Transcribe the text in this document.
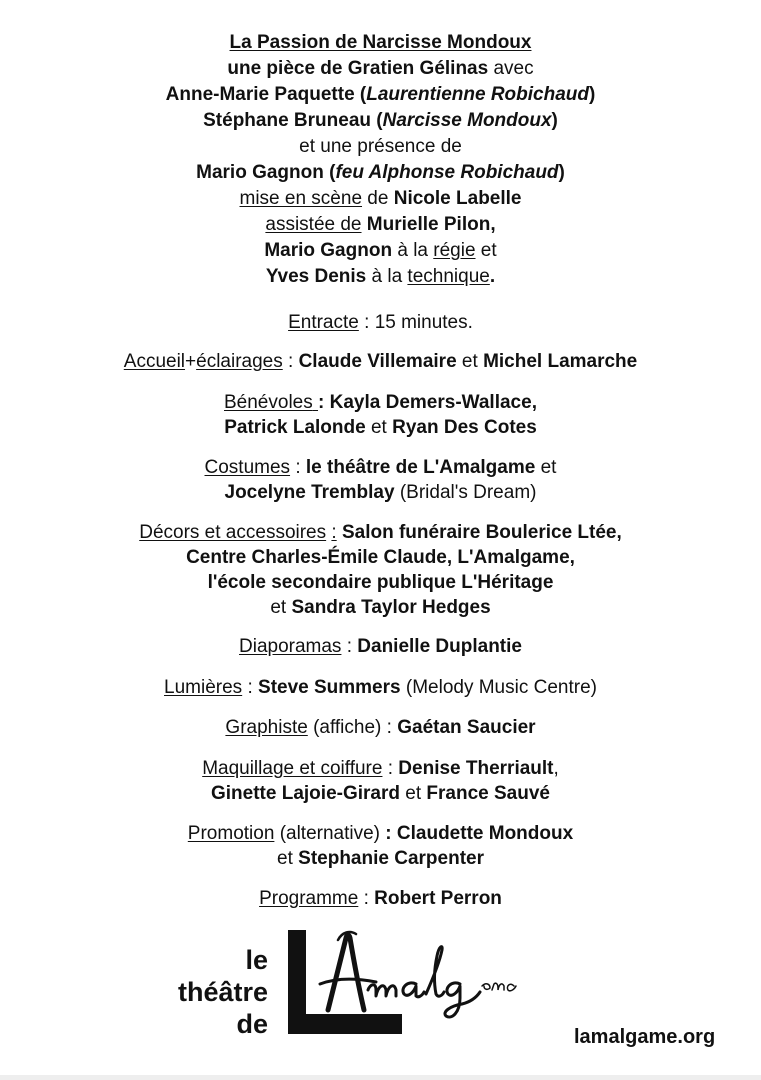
La Passion de Narcisse Mondoux
une pièce de Gratien Gélinas avec
Anne-Marie Paquette (Laurentienne Robichaud)
Stéphane Bruneau (Narcisse Mondoux)
et une présence de
Mario Gagnon (feu Alphonse Robichaud)
mise en scène de Nicole Labelle
assistée de Murielle Pilon,
Mario Gagnon à la régie et
Yves Denis à la technique.
Entracte : 15 minutes.
Accueil+éclairages : Claude Villemaire et Michel Lamarche
Bénévoles : Kayla Demers-Wallace,
Patrick Lalonde et Ryan Des Cotes
Costumes : le théâtre de L'Amalgame et
Jocelyne Tremblay (Bridal's Dream)
Décors et accessoires : Salon funéraire Boulerice Ltée,
Centre Charles-Émile Claude, L'Amalgame,
l'école secondaire publique L'Héritage
et Sandra Taylor Hedges
Diaporamas : Danielle Duplantie
Lumières : Steve Summers (Melody Music Centre)
Graphiste (affiche) : Gaétan Saucier
Maquillage et coiffure : Denise Therriault,
Ginette Lajoie-Girard et France Sauvé
Promotion (alternative) : Claudette Mondoux
et Stephanie Carpenter
Programme : Robert Perron
le
théâtre
de	lamalgame.org
